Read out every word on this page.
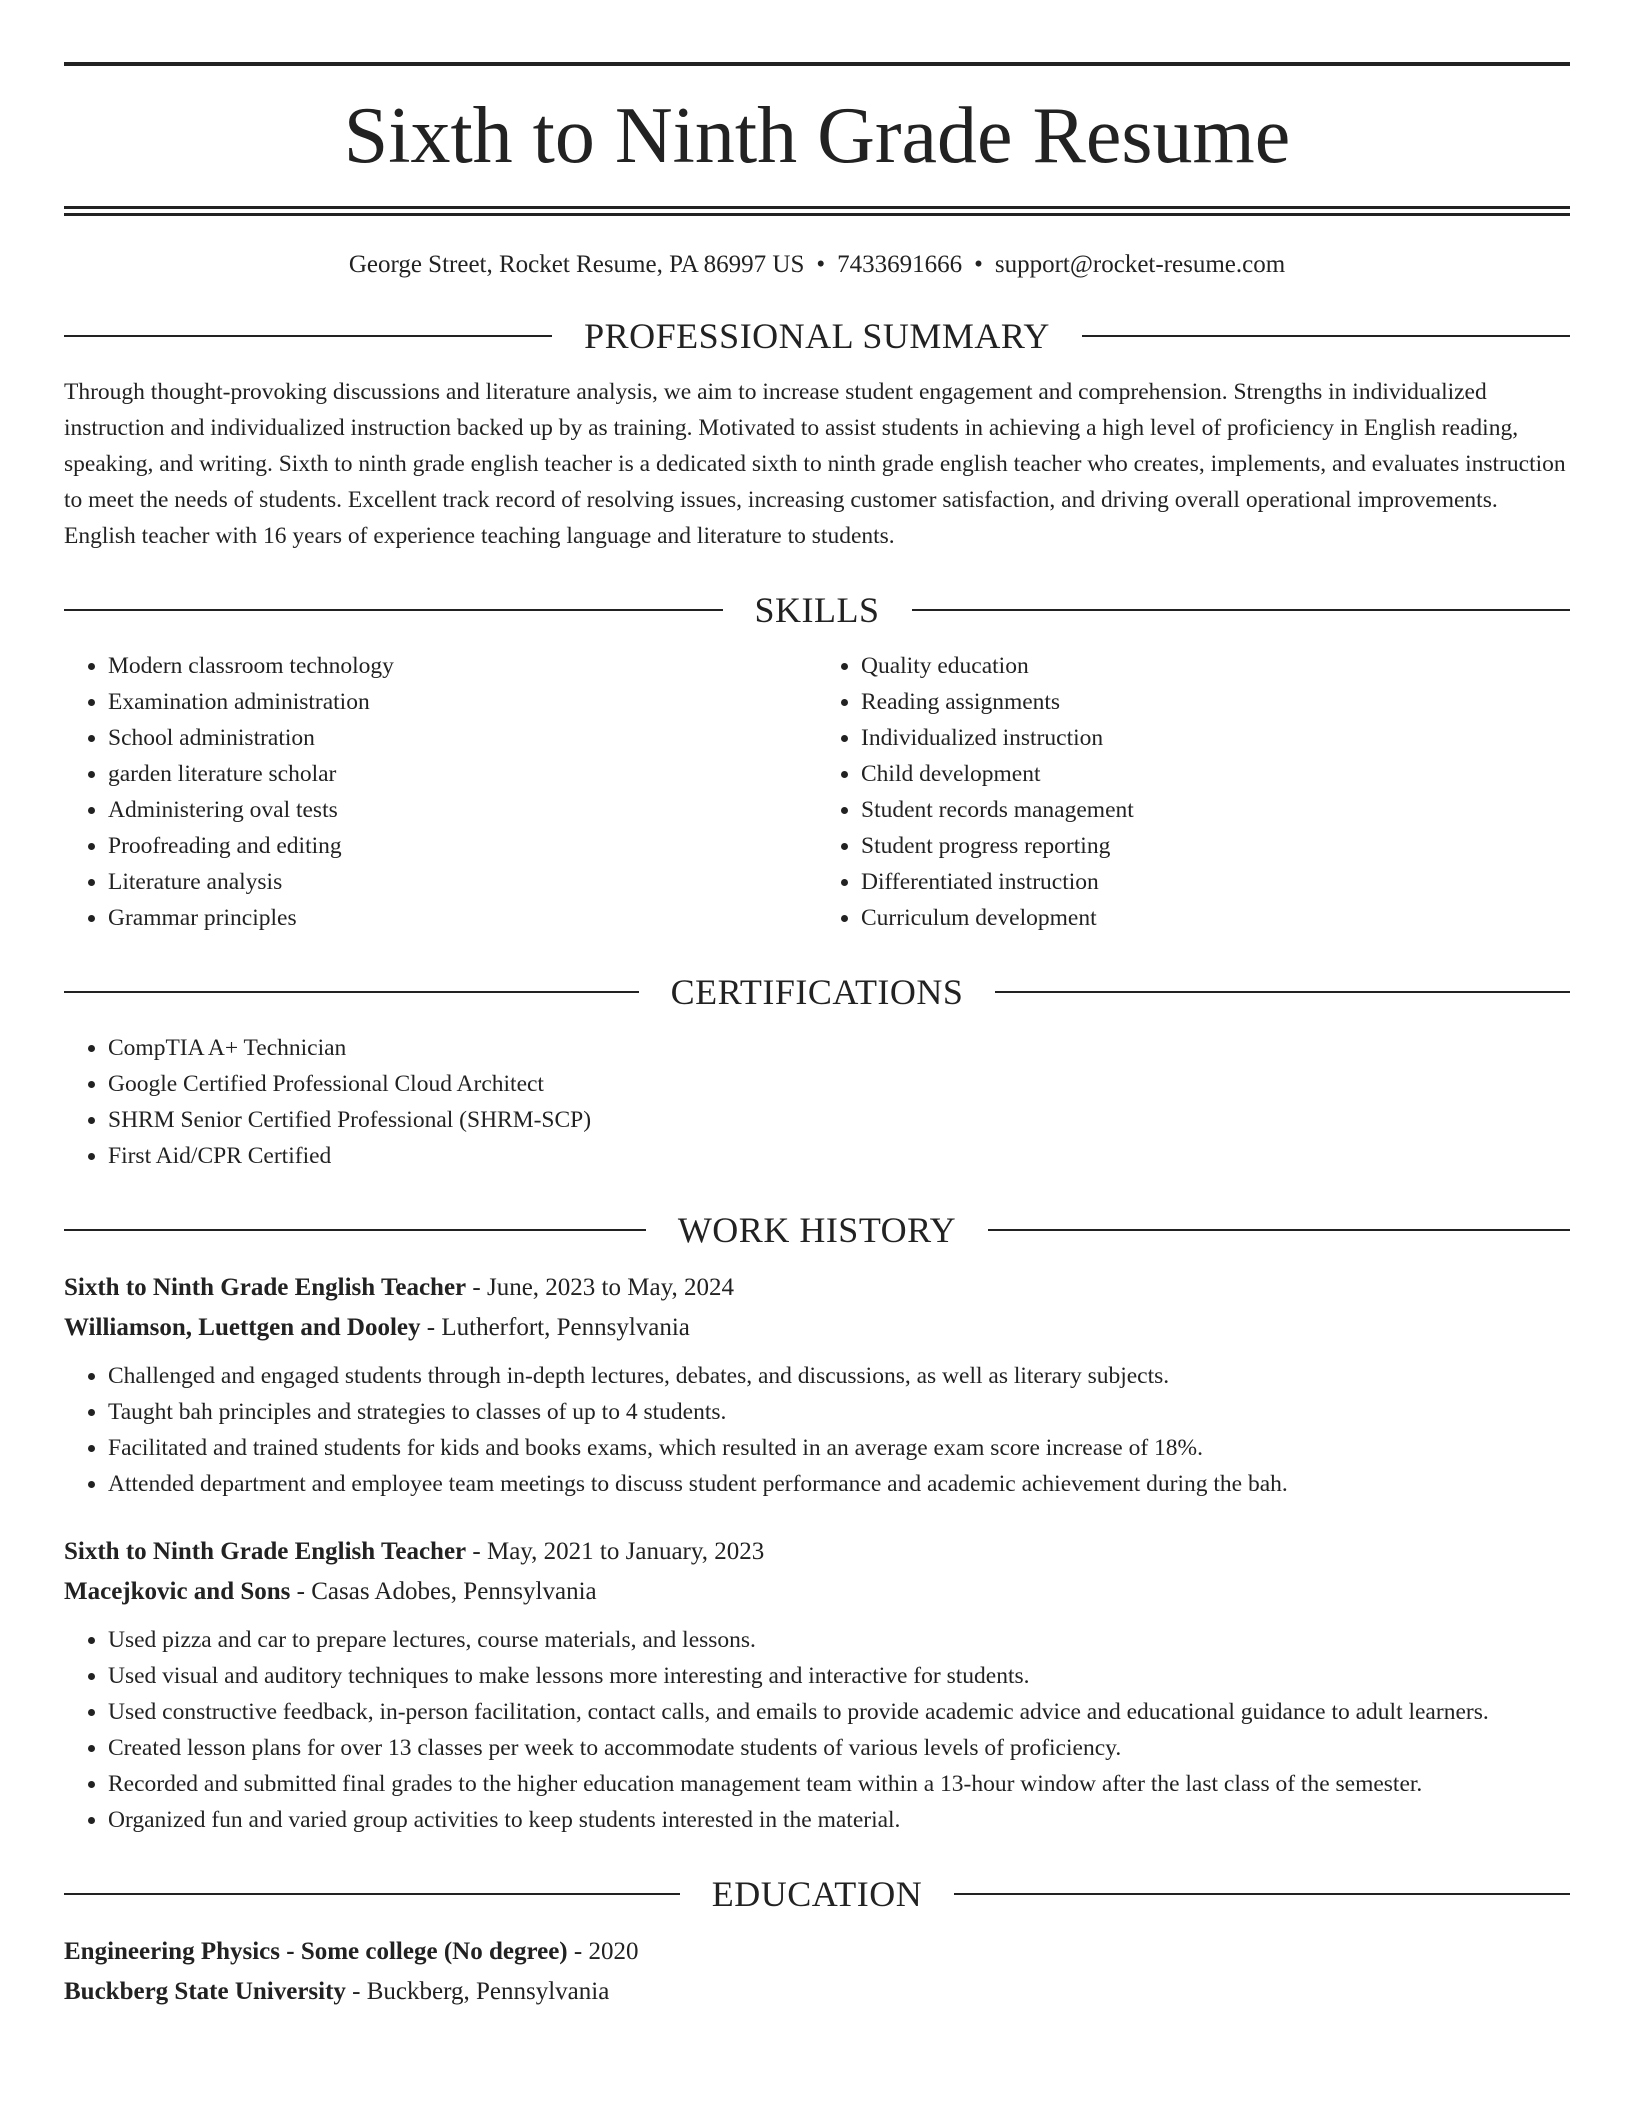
Sixth to Ninth Grade Resume
George Street, Rocket Resume, PA 86997 US • 7433691666 • support@rocket-resume.com
PROFESSIONAL SUMMARY

Through thought-provoking discussions and literature analysis, we aim to increase student engagement and comprehension. Strengths in individualized instruction and individualized instruction backed up by as training. Motivated to assist students in achieving a high level of proficiency in English reading, speaking, and writing. Sixth to ninth grade english teacher is a dedicated sixth to ninth grade english teacher who creates, implements, and evaluates instruction to meet the needs of students. Excellent track record of resolving issues, increasing customer satisfaction, and driving overall operational improvements. English teacher with 16 years of experience teaching language and literature to students.

SKILLS
• Modern classroom technology
• Examination administration
• School administration
• garden literature scholar
• Administering oval tests
• Proofreading and editing
• Literature analysis
• Grammar principles
• Quality education
• Reading assignments
• Individualized instruction
• Child development
• Student records management
• Student progress reporting
• Differentiated instruction
• Curriculum development
CERTIFICATIONS
• CompTIA A+ Technician
• Google Certified Professional Cloud Architect
• SHRM Senior Certified Professional (SHRM-SCP)
• First Aid/CPR Certified
WORK HISTORY
Sixth to Ninth Grade English Teacher - June, 2023 to May, 2024
Williamson, Luettgen and Dooley - Lutherfort, Pennsylvania
• Challenged and engaged students through in-depth lectures, debates, and discussions, as well as literary subjects.
• Taught bah principles and strategies to classes of up to 4 students.
• Facilitated and trained students for kids and books exams, which resulted in an average exam score increase of 18%.
• Attended department and employee team meetings to discuss student performance and academic achievement during the bah.
Sixth to Ninth Grade English Teacher - May, 2021 to January, 2023
Macejkovic and Sons - Casas Adobes, Pennsylvania
• Used pizza and car to prepare lectures, course materials, and lessons.
• Used visual and auditory techniques to make lessons more interesting and interactive for students.
• Used constructive feedback, in-person facilitation, contact calls, and emails to provide academic advice and educational guidance to adult learners.
• Created lesson plans for over 13 classes per week to accommodate students of various levels of proficiency.
• Recorded and submitted final grades to the higher education management team within a 13-hour window after the last class of the semester.
• Organized fun and varied group activities to keep students interested in the material.
EDUCATION
Engineering Physics - Some college (No degree) - 2020
Buckberg State University - Buckberg, Pennsylvania
